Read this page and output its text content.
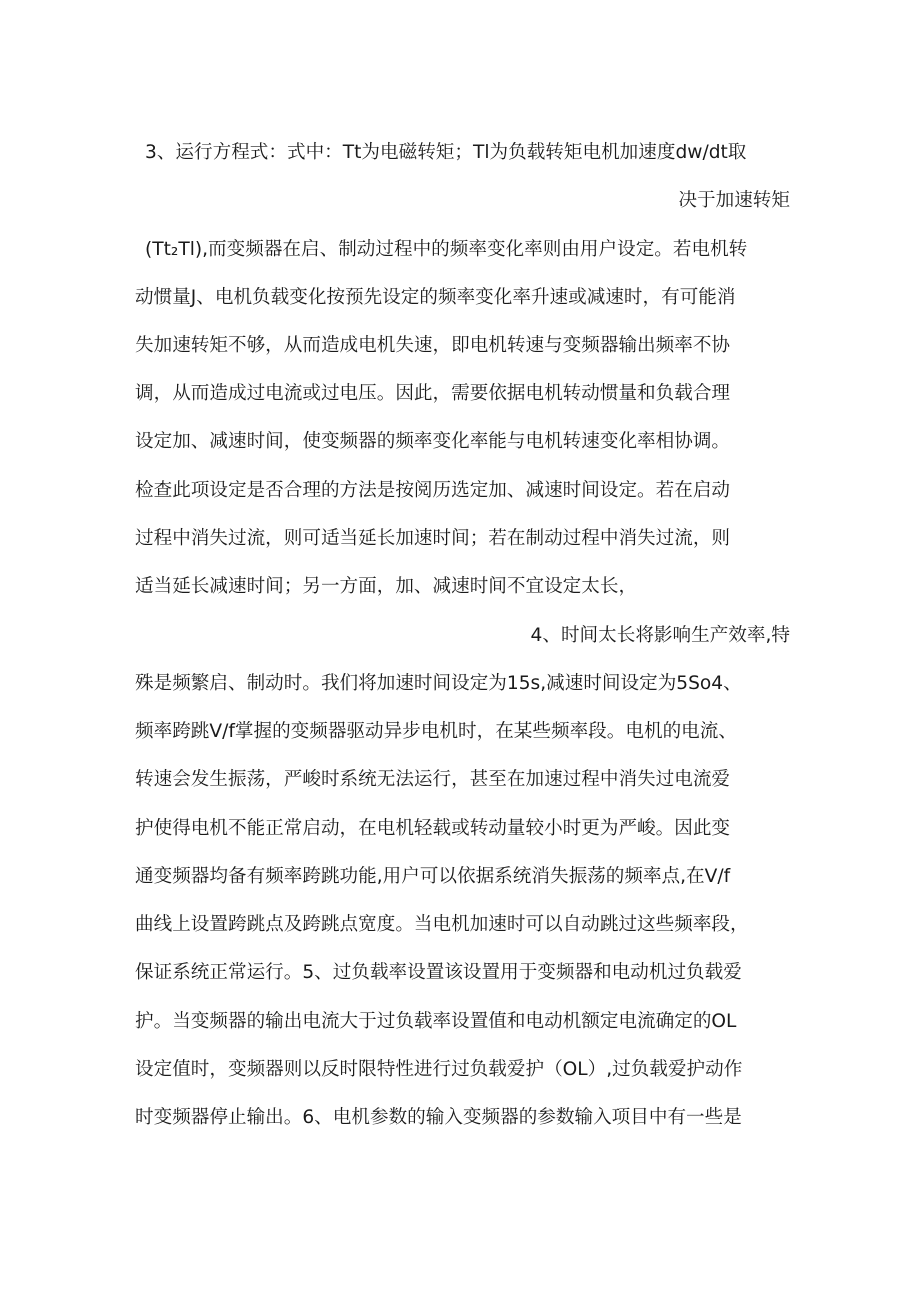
3、运行方程式：式中：Tt为电磁转矩；Tl为负载转矩电机加速度dw/dt取
决于加速转矩
(Tt₂Tl),而变频器在启、制动过程中的频率变化率则由用户设定。若电机转
动惯量J、电机负载变化按预先设定的频率变化率升速或减速时，有可能消
失加速转矩不够，从而造成电机失速，即电机转速与变频器输出频率不协
调，从而造成过电流或过电压。因此，需要依据电机转动惯量和负载合理
设定加、减速时间，使变频器的频率变化率能与电机转速变化率相协调。
检查此项设定是否合理的方法是按阅历选定加、减速时间设定。若在启动
过程中消失过流，则可适当延长加速时间；若在制动过程中消失过流，则
适当延长减速时间；另一方面，加、减速时间不宜设定太长，
4、时间太长将影响生产效率,特
殊是频繁启、制动时。我们将加速时间设定为15s,减速时间设定为5So4、
频率跨跳V/f掌握的变频器驱动异步电机时，在某些频率段。电机的电流、
转速会发生振荡，严峻时系统无法运行，甚至在加速过程中消失过电流爱
护使得电机不能正常启动，在电机轻载或转动量较小时更为严峻。因此变
通变频器均备有频率跨跳功能,用户可以依据系统消失振荡的频率点,在V/f
曲线上设置跨跳点及跨跳点宽度。当电机加速时可以自动跳过这些频率段，
保证系统正常运行。5、过负载率设置该设置用于变频器和电动机过负载爱
护。当变频器的输出电流大于过负载率设置值和电动机额定电流确定的OL
设定值时，变频器则以反时限特性进行过负载爱护（OL）,过负载爱护动作
时变频器停止输出。6、电机参数的输入变频器的参数输入项目中有一些是
